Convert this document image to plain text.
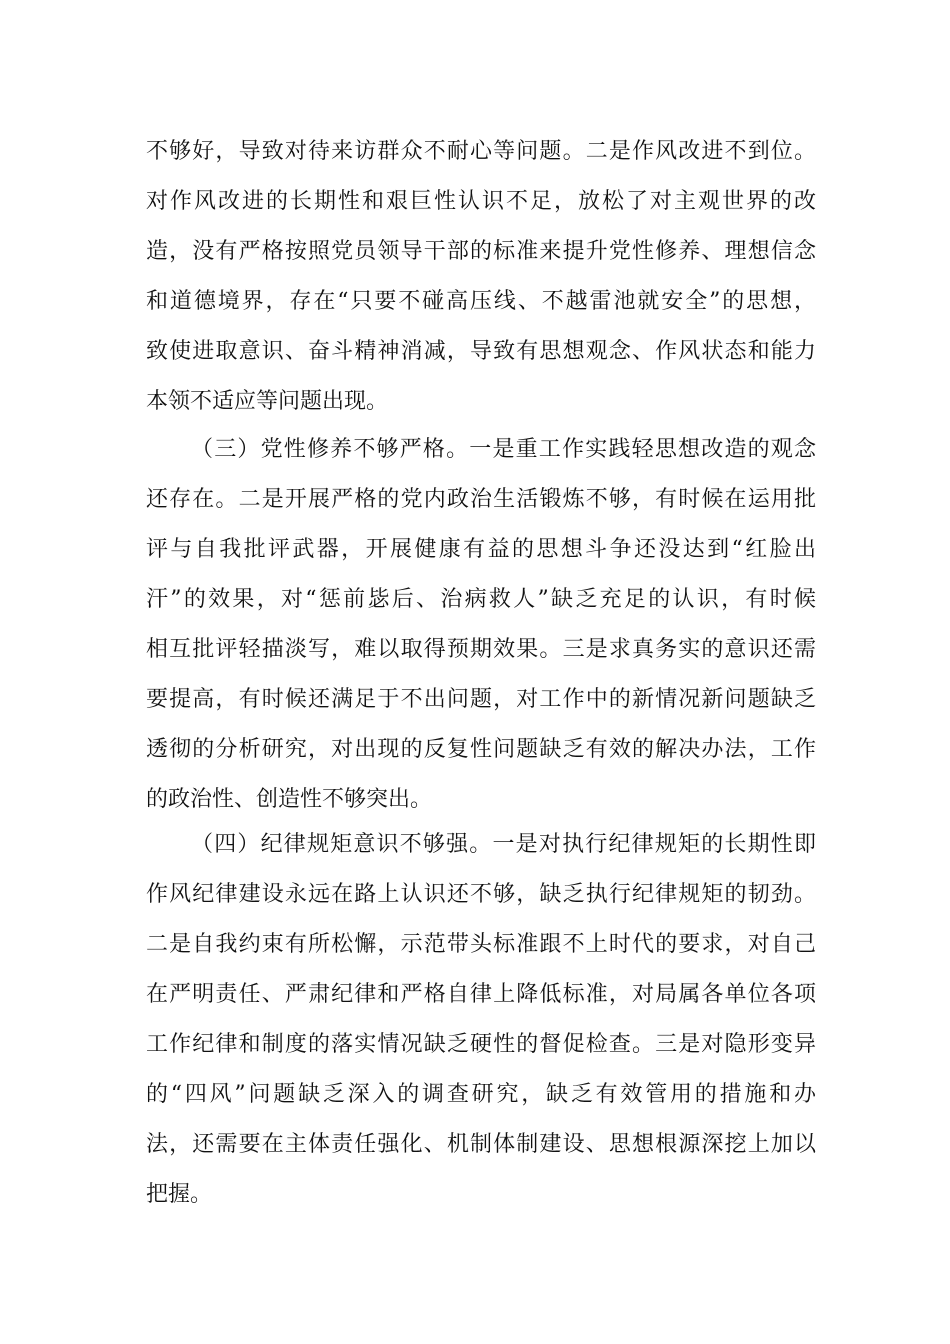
不够好，导致对待来访群众不耐心等问题。二是作风改进不到位。
对作风改进的长期性和艰巨性认识不足，放松了对主观世界的改
造，没有严格按照党员领导干部的标准来提升党性修养、理想信念
和道德境界，存在“只要不碰高压线、不越雷池就安全”的思想，
致使进取意识、奋斗精神消减，导致有思想观念、作风状态和能力
本领不适应等问题出现。
（三）党性修养不够严格。一是重工作实践轻思想改造的观念
还存在。二是开展严格的党内政治生活锻炼不够，有时候在运用批
评与自我批评武器，开展健康有益的思想斗争还没达到“红脸出
汗”的效果，对“惩前毖后、治病救人”缺乏充足的认识，有时候
相互批评轻描淡写，难以取得预期效果。三是求真务实的意识还需
要提高，有时候还满足于不出问题，对工作中的新情况新问题缺乏
透彻的分析研究，对出现的反复性问题缺乏有效的解决办法，工作
的政治性、创造性不够突出。
（四）纪律规矩意识不够强。一是对执行纪律规矩的长期性即
作风纪律建设永远在路上认识还不够，缺乏执行纪律规矩的韧劲。
二是自我约束有所松懈，示范带头标准跟不上时代的要求，对自己
在严明责任、严肃纪律和严格自律上降低标准，对局属各单位各项
工作纪律和制度的落实情况缺乏硬性的督促检查。三是对隐形变异
的“四风”问题缺乏深入的调查研究，缺乏有效管用的措施和办
法，还需要在主体责任强化、机制体制建设、思想根源深挖上加以
把握。
